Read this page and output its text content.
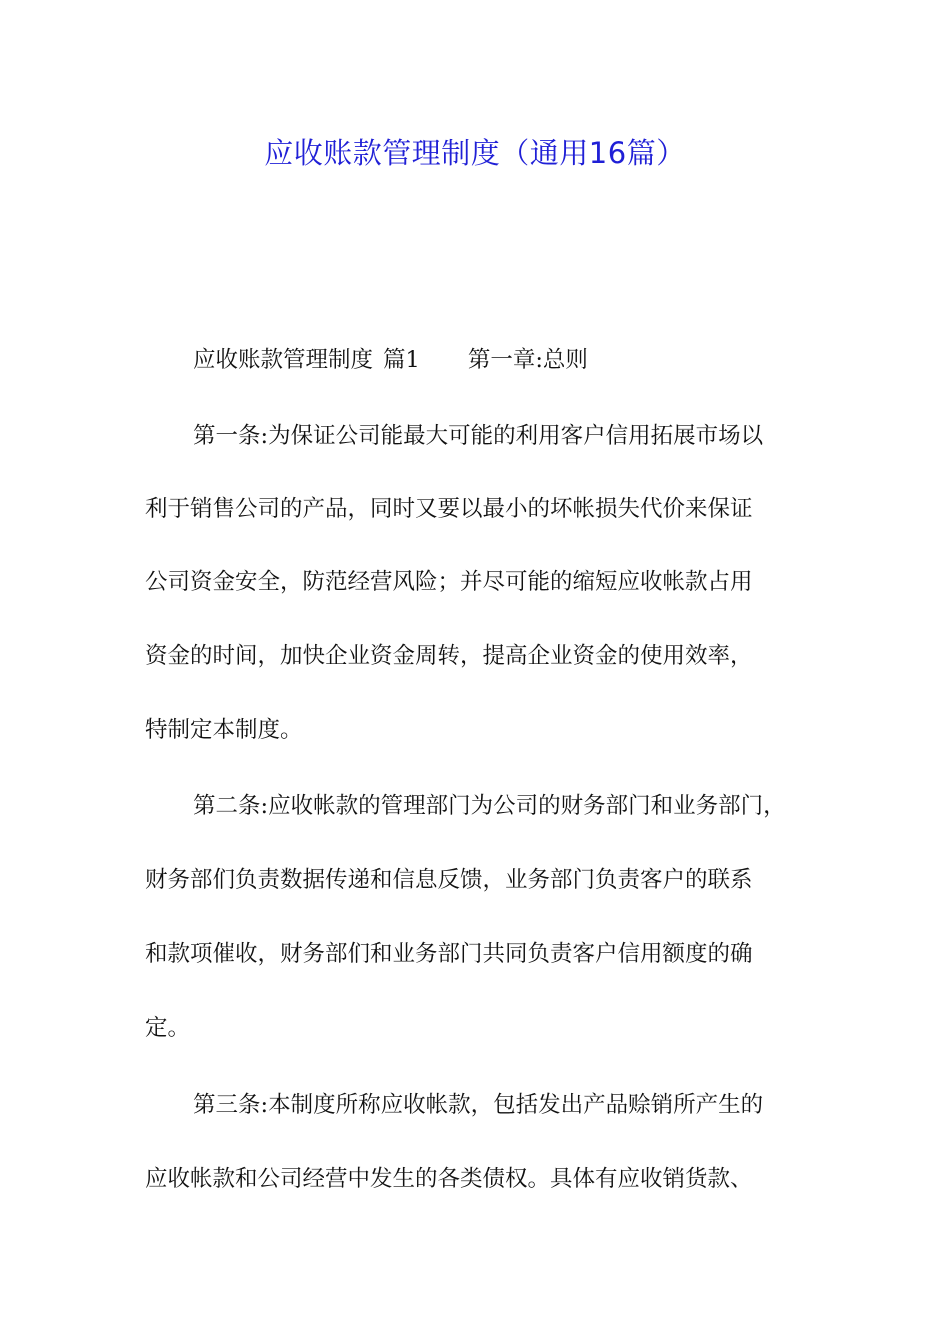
应收账款管理制度（通用16篇）
应收账款管理制度 篇1 第一章:总则
第一条:为保证公司能最大可能的利用客户信用拓展市场以
利于销售公司的产品，同时又要以最小的坏帐损失代价来保证
公司资金安全，防范经营风险；并尽可能的缩短应收帐款占用
资金的时间，加快企业资金周转，提高企业资金的使用效率，
特制定本制度。
第二条:应收帐款的管理部门为公司的财务部门和业务部门，
财务部们负责数据传递和信息反馈，业务部门负责客户的联系
和款项催收，财务部们和业务部门共同负责客户信用额度的确
定。
第三条:本制度所称应收帐款，包括发出产品赊销所产生的
应收帐款和公司经营中发生的各类债权。具体有应收销货款、
